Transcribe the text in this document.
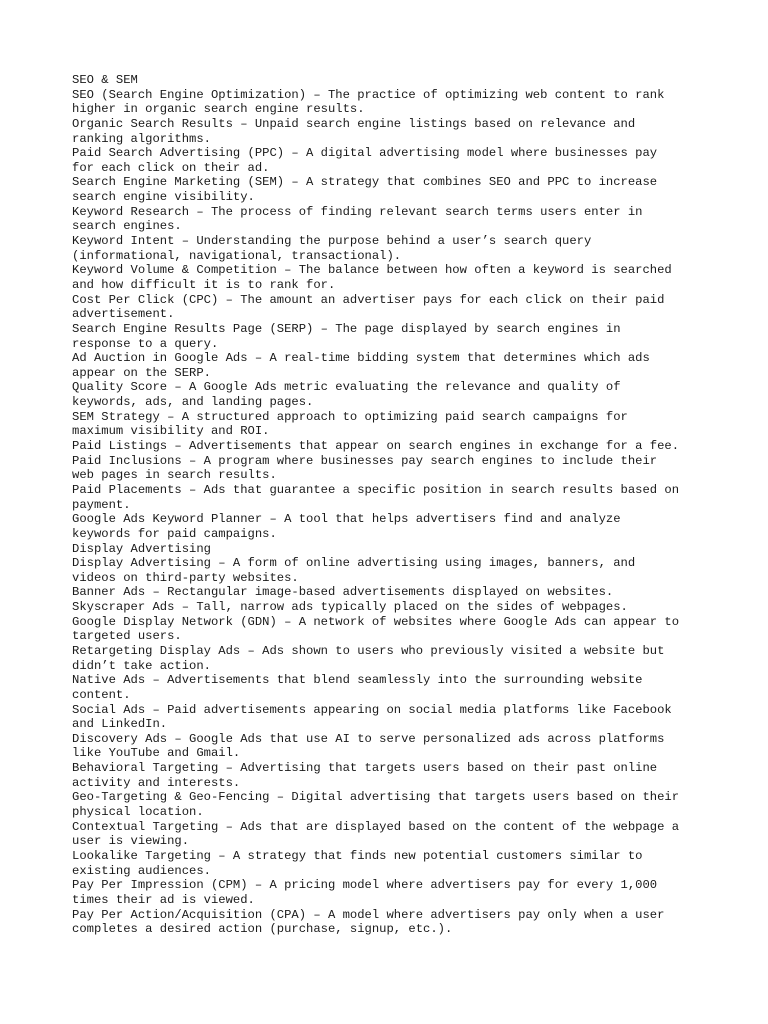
SEO & SEM
SEO (Search Engine Optimization) – The practice of optimizing web content to rank
higher in organic search engine results.
Organic Search Results – Unpaid search engine listings based on relevance and
ranking algorithms.
Paid Search Advertising (PPC) – A digital advertising model where businesses pay
for each click on their ad.
Search Engine Marketing (SEM) – A strategy that combines SEO and PPC to increase
search engine visibility.
Keyword Research – The process of finding relevant search terms users enter in
search engines.
Keyword Intent – Understanding the purpose behind a user’s search query
(informational, navigational, transactional).
Keyword Volume & Competition – The balance between how often a keyword is searched
and how difficult it is to rank for.
Cost Per Click (CPC) – The amount an advertiser pays for each click on their paid
advertisement.
Search Engine Results Page (SERP) – The page displayed by search engines in
response to a query.
Ad Auction in Google Ads – A real-time bidding system that determines which ads
appear on the SERP.
Quality Score – A Google Ads metric evaluating the relevance and quality of
keywords, ads, and landing pages.
SEM Strategy – A structured approach to optimizing paid search campaigns for
maximum visibility and ROI.
Paid Listings – Advertisements that appear on search engines in exchange for a fee.
Paid Inclusions – A program where businesses pay search engines to include their
web pages in search results.
Paid Placements – Ads that guarantee a specific position in search results based on
payment.
Google Ads Keyword Planner – A tool that helps advertisers find and analyze
keywords for paid campaigns.
Display Advertising
Display Advertising – A form of online advertising using images, banners, and
videos on third-party websites.
Banner Ads – Rectangular image-based advertisements displayed on websites.
Skyscraper Ads – Tall, narrow ads typically placed on the sides of webpages.
Google Display Network (GDN) – A network of websites where Google Ads can appear to
targeted users.
Retargeting Display Ads – Ads shown to users who previously visited a website but
didn’t take action.
Native Ads – Advertisements that blend seamlessly into the surrounding website
content.
Social Ads – Paid advertisements appearing on social media platforms like Facebook
and LinkedIn.
Discovery Ads – Google Ads that use AI to serve personalized ads across platforms
like YouTube and Gmail.
Behavioral Targeting – Advertising that targets users based on their past online
activity and interests.
Geo-Targeting & Geo-Fencing – Digital advertising that targets users based on their
physical location.
Contextual Targeting – Ads that are displayed based on the content of the webpage a
user is viewing.
Lookalike Targeting – A strategy that finds new potential customers similar to
existing audiences.
Pay Per Impression (CPM) – A pricing model where advertisers pay for every 1,000
times their ad is viewed.
Pay Per Action/Acquisition (CPA) – A model where advertisers pay only when a user
completes a desired action (purchase, signup, etc.).
